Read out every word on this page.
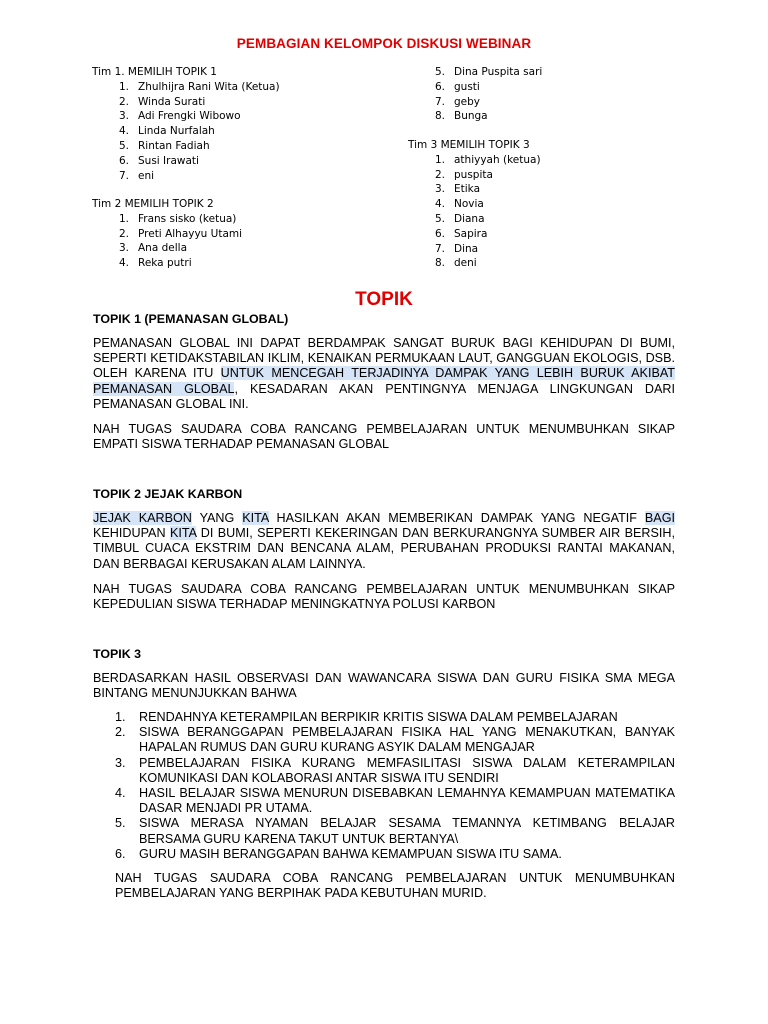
PEMBAGIAN KELOMPOK DISKUSI WEBINAR
Tim 1. MEMILIH TOPIK 1
1. Zhulhijra Rani Wita (Ketua)
2. Winda Surati
3. Adi Frengki Wibowo
4. Linda Nurfalah
5. Rintan Fadiah
6. Susi Irawati
7. eni
Tim 2 MEMILIH TOPIK 2
1. Frans sisko (ketua)
2. Preti Alhayyu Utami
3. Ana della
4. Reka putri
5. Dina Puspita sari
6. gusti
7. geby
8. Bunga
Tim 3 MEMILIH TOPIK 3
1. athiyyah (ketua)
2. puspita
3. Etika
4. Novia
5. Diana
6. Sapira
7. Dina
8. deni
TOPIK
TOPIK 1 (PEMANASAN GLOBAL)
PEMANASAN GLOBAL INI DAPAT BERDAMPAK SANGAT BURUK BAGI KEHIDUPAN DI BUMI, SEPERTI KETIDAKSTABILAN IKLIM, KENAIKAN PERMUKAAN LAUT, GANGGUAN EKOLOGIS, DSB. OLEH KARENA ITU UNTUK MENCEGAH TERJADINYA DAMPAK YANG LEBIH BURUK AKIBAT PEMANASAN GLOBAL, KESADARAN AKAN PENTINGNYA MENJAGA LINGKUNGAN DARI PEMANASAN GLOBAL INI.
NAH TUGAS SAUDARA COBA RANCANG PEMBELAJARAN UNTUK MENUMBUHKAN SIKAP EMPATI SISWA TERHADAP PEMANASAN GLOBAL
TOPIK 2 JEJAK KARBON
JEJAK KARBON YANG KITA HASILKAN AKAN MEMBERIKAN DAMPAK YANG NEGATIF BAGI KEHIDUPAN KITA DI BUMI, SEPERTI KEKERINGAN DAN BERKURANGNYA SUMBER AIR BERSIH, TIMBUL CUACA EKSTRIM DAN BENCANA ALAM, PERUBAHAN PRODUKSI RANTAI MAKANAN, DAN BERBAGAI KERUSAKAN ALAM LAINNYA.
NAH TUGAS SAUDARA COBA RANCANG PEMBELAJARAN UNTUK MENUMBUHKAN SIKAP KEPEDULIAN SISWA TERHADAP MENINGKATNYA POLUSI KARBON
TOPIK 3
BERDASARKAN HASIL OBSERVASI DAN WAWANCARA SISWA DAN GURU FISIKA SMA MEGA BINTANG MENUNJUKKAN BAHWA
1. RENDAHNYA KETERAMPILAN BERPIKIR KRITIS SISWA DALAM PEMBELAJARAN
2. SISWA BERANGGAPAN PEMBELAJARAN FISIKA HAL YANG MENAKUTKAN, BANYAK HAPALAN RUMUS DAN GURU KURANG ASYIK DALAM MENGAJAR
3. PEMBELAJARAN FISIKA KURANG MEMFASILITASI SISWA DALAM KETERAMPILAN KOMUNIKASI DAN KOLABORASI ANTAR SISWA ITU SENDIRI
4. HASIL BELAJAR SISWA MENURUN DISEBABKAN LEMAHNYA KEMAMPUAN MATEMATIKA DASAR MENJADI PR UTAMA.
5. SISWA MERASA NYAMAN BELAJAR SESAMA TEMANNYA KETIMBANG BELAJAR BERSAMA GURU KARENA TAKUT UNTUK BERTANYA\
6. GURU MASIH BERANGGAPAN BAHWA KEMAMPUAN SISWA ITU SAMA.
NAH TUGAS SAUDARA COBA RANCANG PEMBELAJARAN UNTUK MENUMBUHKAN PEMBELAJARAN YANG BERPIHAK PADA KEBUTUHAN MURID.
